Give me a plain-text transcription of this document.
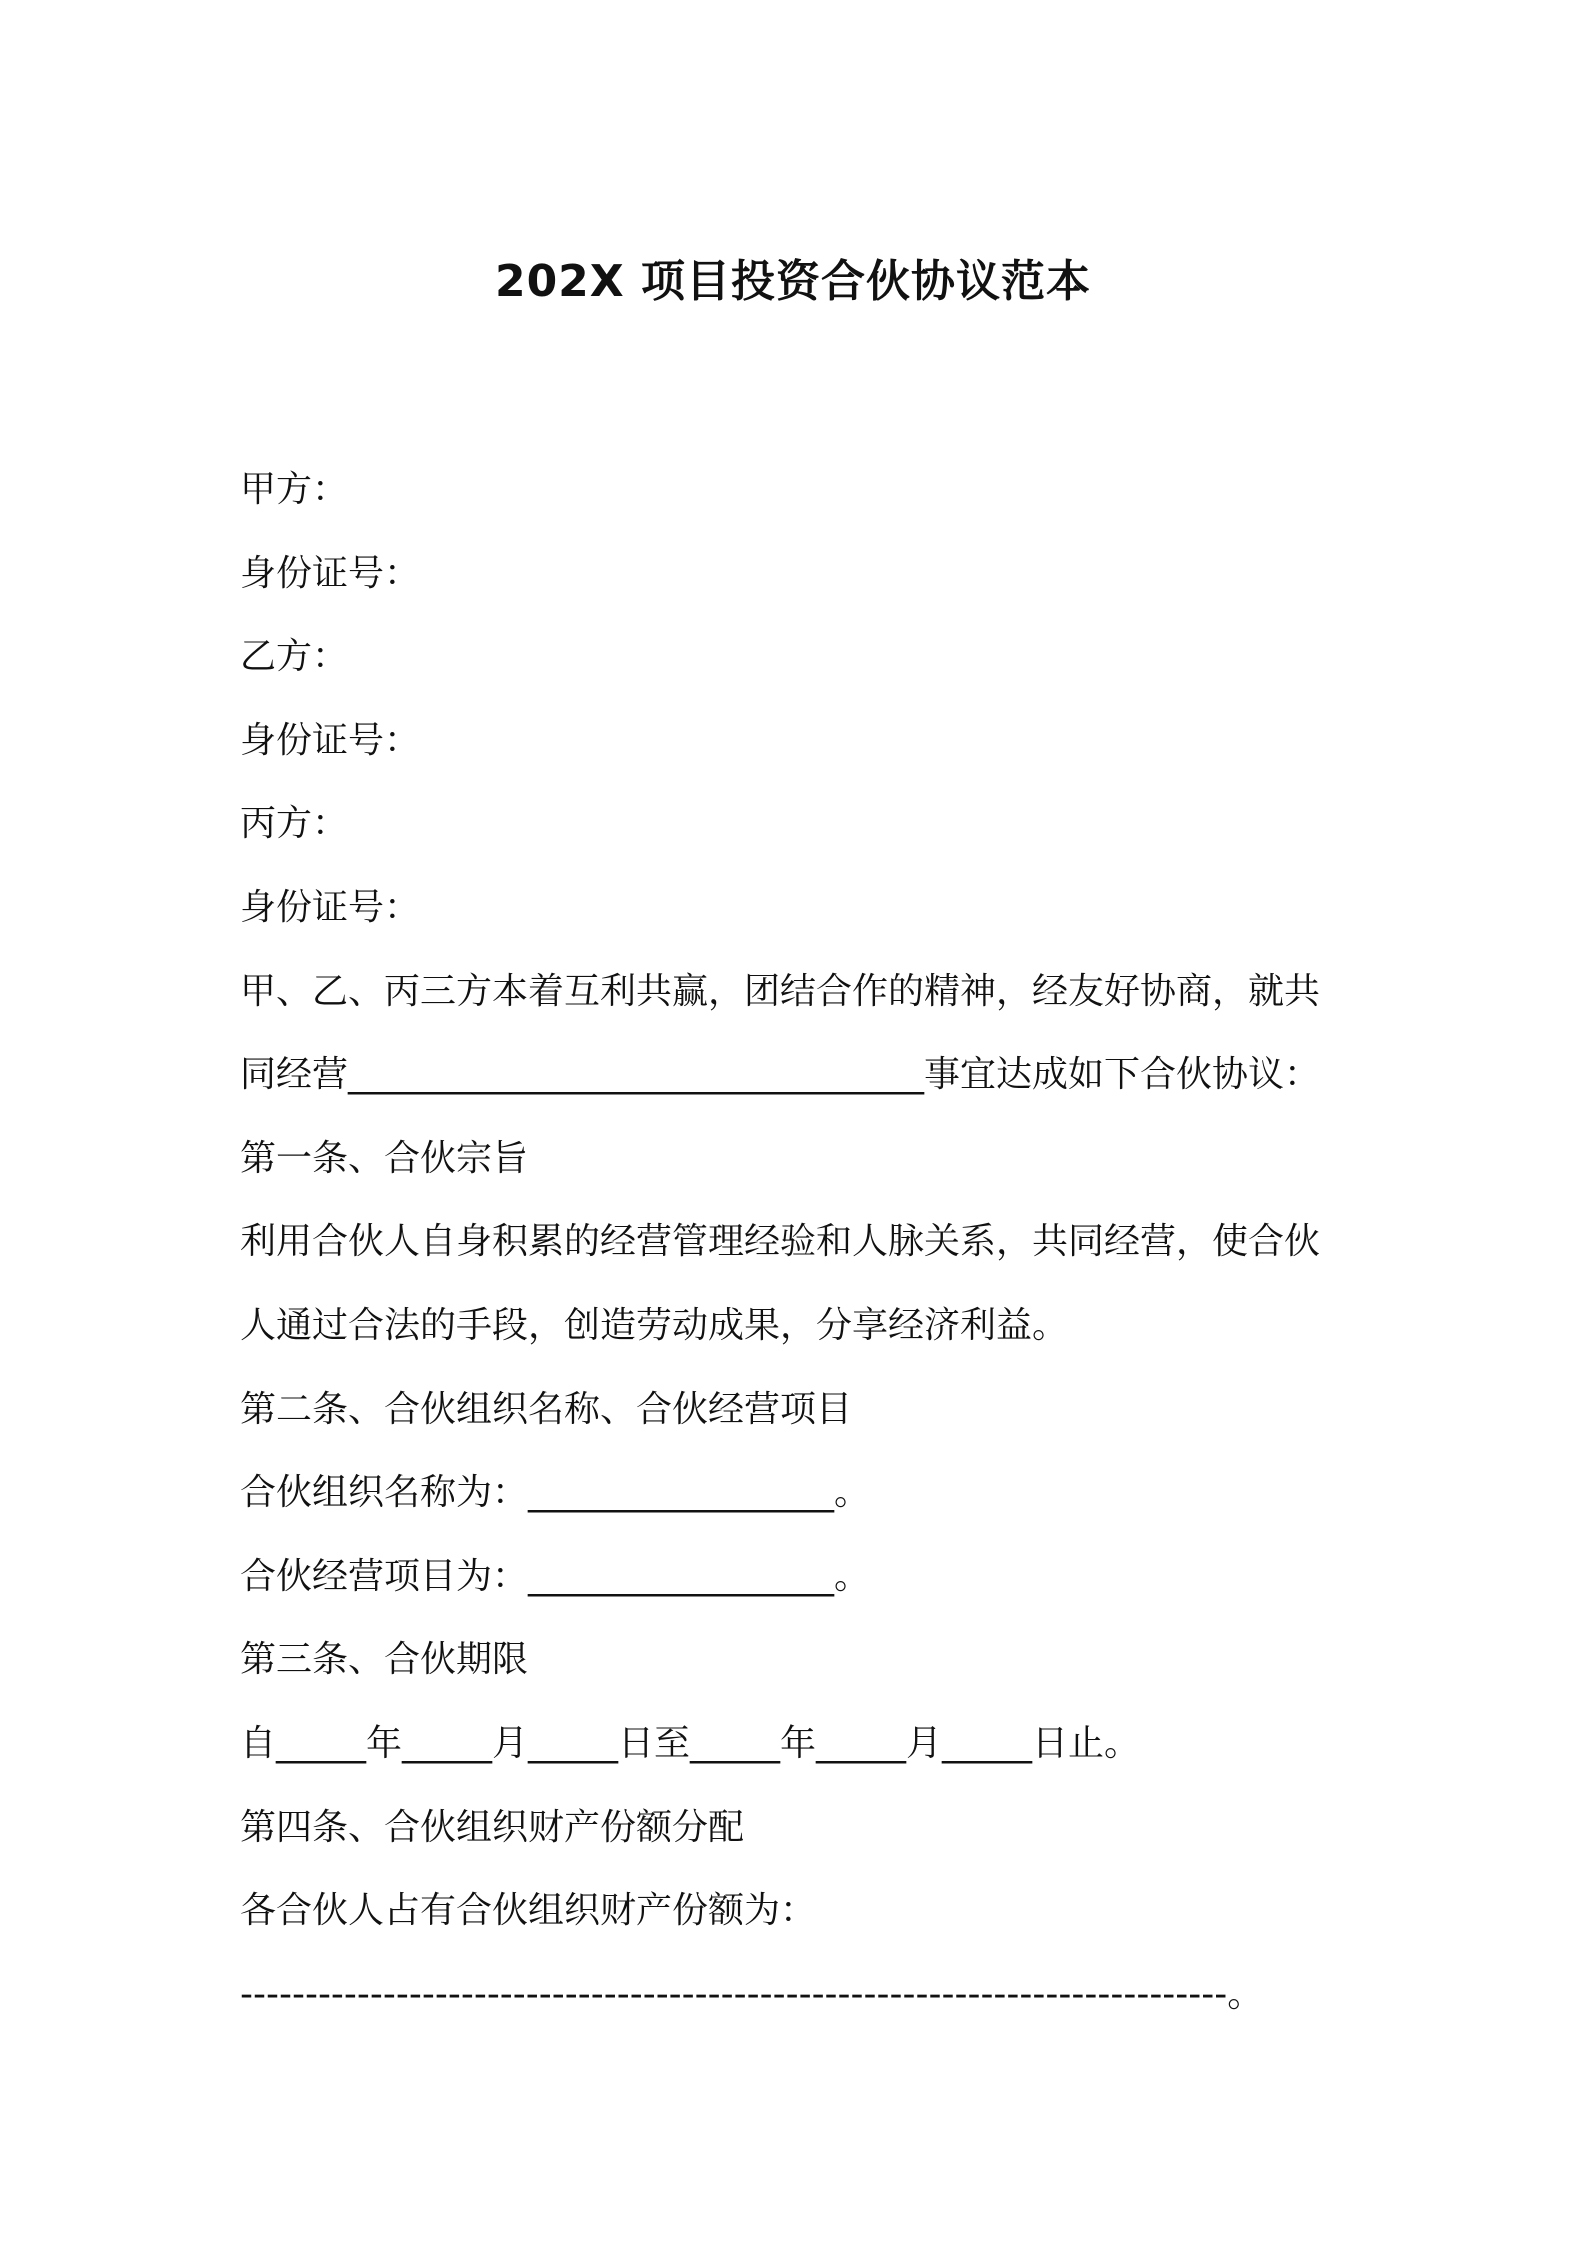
202X 项目投资合伙协议范本
甲方：
身份证号：
乙方：
身份证号：
丙方：
身份证号：
甲、乙、丙三方本着互利共赢，团结合作的精神，经友好协商，就共
同经营________________________________事宜达成如下合伙协议：
第一条、合伙宗旨
利用合伙人自身积累的经营管理经验和人脉关系，共同经营，使合伙
人通过合法的手段，创造劳动成果，分享经济利益。
第二条、合伙组织名称、合伙经营项目
合伙组织名称为：_________________。
合伙经营项目为：_________________。
第三条、合伙期限
自_____年_____月_____日至_____年_____月_____日止。
第四条、合伙组织财产份额分配
各合伙人占有合伙组织财产份额为：
----------------------------------------------------------------------------。
